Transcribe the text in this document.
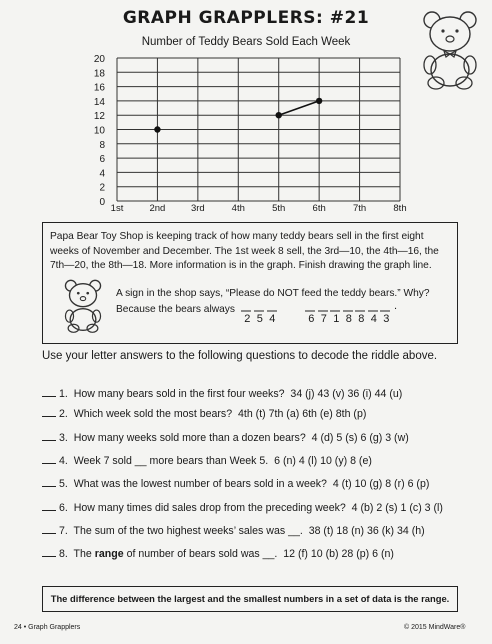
GRAPH GRAPPLERS: #21
Number of Teddy Bears Sold Each Week
0
2
4
6
8
10
12
14
16
18
20
1st	2nd	3rd	4th	5th	6th	7th	8th
Papa Bear Toy Shop is keeping track of how many teddy bears sell in the first eight weeks of November and December. The 1st week 8 sell, the 3rd—10, the 4th—16, the 7th—20, the 8th—18. More information is in the graph. Finish drawing the graph line.
A sign in the shop says, “Please do NOT feed the teddy bears.” Why?
Because the bears always
2 5 4	6 7 1 8 8 4 3
.
Use your letter answers to the following questions to decode the riddle above.
1. How many bears sold in the first four weeks? 34 (j) 43 (v) 36 (i) 44 (u)
2. Which week sold the most bears? 4th (t) 7th (a) 6th (e) 8th (p)
3. How many weeks sold more than a dozen bears? 4 (d) 5 (s) 6 (g) 3 (w)
4. Week 7 sold __ more bears than Week 5. 6 (n) 4 (l) 10 (y) 8 (e)
5. What was the lowest number of bears sold in a week? 4 (t) 10 (g) 8 (r) 6 (p)
6. How many times did sales drop from the preceding week? 4 (b) 2 (s) 1 (c) 3 (l)
7. The sum of the two highest weeks’ sales was __. 38 (t) 18 (n) 36 (k) 34 (h)
8. The range of number of bears sold was __. 12 (f) 10 (b) 28 (p) 6 (n)
The difference between the largest and the smallest numbers in a set of data is the range.
24 • Graph Grapplers	© 2015 MindWare®
